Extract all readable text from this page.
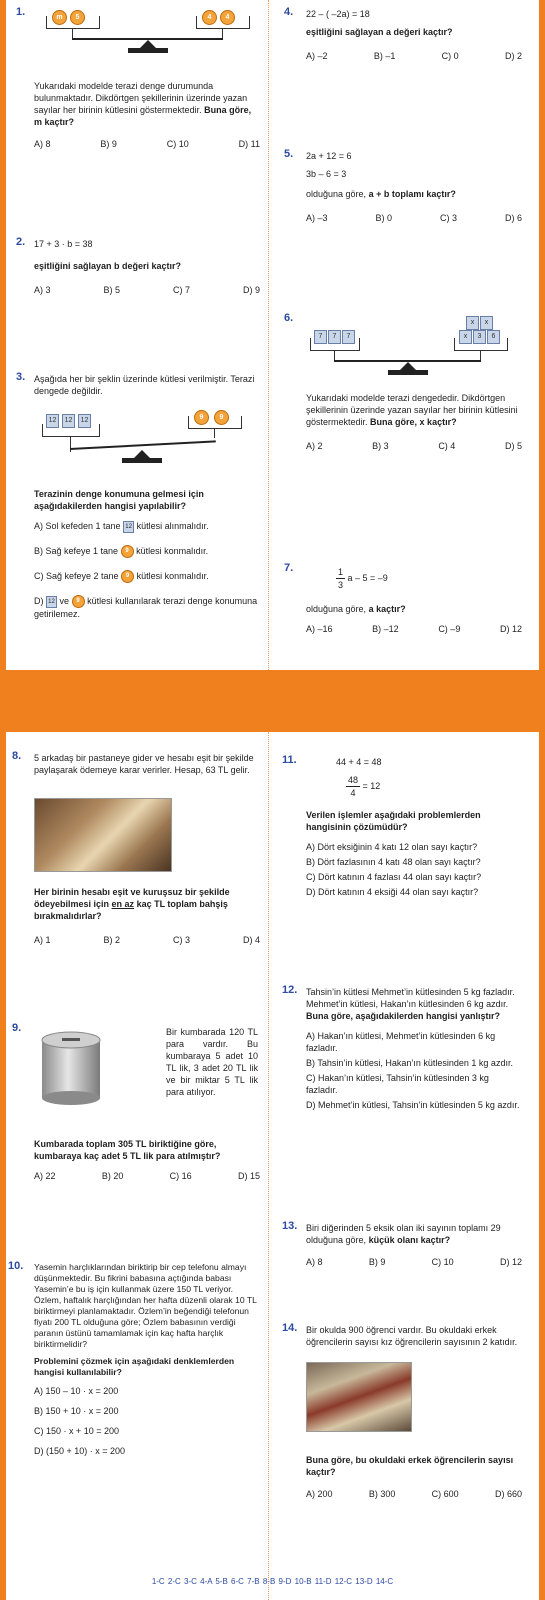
1.	m	5	4	4

Yukarıdaki modelde terazi denge durumunda bulunmaktadır. Dikdörtgen şekillerinin üzerinde yazan sayılar her birinin kütlesini göstermektedir. Buna göre, m kaçtır?

A) 8	B) 9	C) 10	D) 11
2. 17 + 3 · b = 38

eşitliğini sağlayan b değeri kaçtır?

A) 3	B) 5	C) 7	D) 9
3. Aşağıda her bir şeklin üzerinde kütlesi verilmiştir. Terazi dengede değildir.
12	12	12	9	9

Terazinin denge konumuna gelmesi için aşağıdakilerden hangisi yapılabilir?

A) Sol kefeden 1 tane 12 kütlesi alınmalıdır.
B) Sağ kefeye 1 tane 9 kütlesi konmalıdır.
C) Sağ kefeye 2 tane 9 kütlesi konmalıdır.
D) 12 ve 9 kütlesi kullanılarak terazi denge konumuna getirilemez.
4. 22 – ( –2a) = 18

eşitliğini sağlayan a değeri kaçtır?

A) –2	B) –1	C) 0	D) 2
5. 2a + 12 = 6

3b – 6 = 3

olduğuna göre, a + b toplamı kaçtır?

A) –3	B) 0	C) 3	D) 6
6.
7	7	7
x	x
x	3	6

Yukarıdaki modelde terazi dengededir. Dikdörtgen şekillerinin üzerinde yazan sayılar her birinin kütlesini göstermektedir. Buna göre, x kaçtır?

A) 2	B) 3	C) 4	D) 5
7.	$\frac{1}{3}$ a – 5 = –9

olduğuna göre, a kaçtır?

A) –16	B) –12	C) –9	D) 12
8. 5 arkadaş bir pastaneye gider ve hesabı eşit bir şekilde paylaşarak ödemeye karar verirler. Hesap, 63 TL gelir.

Her birinin hesabı eşit ve kuruşsuz bir şekilde ödeyebilmesi için en az kaç TL toplam bahşiş bırakmalıdırlar?

A) 1	B) 2	C) 3	D) 4
9.	Bir kumbarada 120 TL para vardır. Bu kumbaraya 5 adet 10 TL lik, 3 adet 20 TL lik ve bir miktar 5 TL lik para atılıyor.

Kumbarada toplam 305 TL biriktiğine göre, kumbaraya kaç adet 5 TL lik para atılmıştır?

A) 22	B) 20	C) 16	D) 15
10. Yasemin harçlıklarından biriktirip bir cep telefonu almayı düşünmektedir. Bu fikrini babasına açtığında babası Yasemin’e bu iş için kullanmak üzere 150 TL veriyor. Özlem, haftalık harçlığından her hafta düzenli olarak 10 TL biriktirmeyi planlamaktadır. Özlem’in beğendiği telefonun fiyatı 200 TL olduğuna göre; Özlem babasının verdiği paranın üstünü tamamlamak için kaç hafta harçlık biriktirmelidir?

Problemini çözmek için aşağıdaki denklemlerden hangisi kullanılabilir?

A) 150 – 10 · x = 200
B) 150 + 10 · x = 200
C) 150 · x + 10 = 200
D) (150 + 10) · x = 200
11.	44 + 4 = 48

$\frac{48}{4} = 12$

Verilen işlemler aşağıdaki problemlerden hangisinin çözümüdür?

A) Dört eksiğinin 4 katı 12 olan sayı kaçtır?
B) Dört fazlasının 4 katı 48 olan sayı kaçtır?
C) Dört katının 4 fazlası 44 olan sayı kaçtır?
D) Dört katının 4 eksiği 44 olan sayı kaçtır?
12. Tahsin’in kütlesi Mehmet’in kütlesinden 5 kg fazladır. Mehmet’in kütlesi, Hakan’ın kütlesinden 6 kg azdır. Buna göre, aşağıdakilerden hangisi yanlıştır?

A) Hakan’ın kütlesi, Mehmet’in kütlesinden 6 kg fazladır.
B) Tahsin’in kütlesi, Hakan’ın kütlesinden 1 kg azdır.
C) Hakan’ın kütlesi, Tahsin’in kütlesinden 3 kg fazladır.
D) Mehmet’in kütlesi, Tahsin’in kütlesinden 5 kg azdır.
13. Biri diğerinden 5 eksik olan iki sayının toplamı 29 olduğuna göre, küçük olanı kaçtır?

A) 8	B) 9	C) 10	D) 12
14. Bir okulda 900 öğrenci vardır. Bu okuldaki erkek öğrencilerin sayısı kız öğrencilerin sayısının 2 katıdır.

Buna göre, bu okuldaki erkek öğrencilerin sayısı kaçtır?

A) 200	B) 300	C) 600	D) 660
1-C 2-C 3-C 4-A 5-B 6-C 7-B 8-B 9-D 10-B 11-D 12-C 13-D 14-C
